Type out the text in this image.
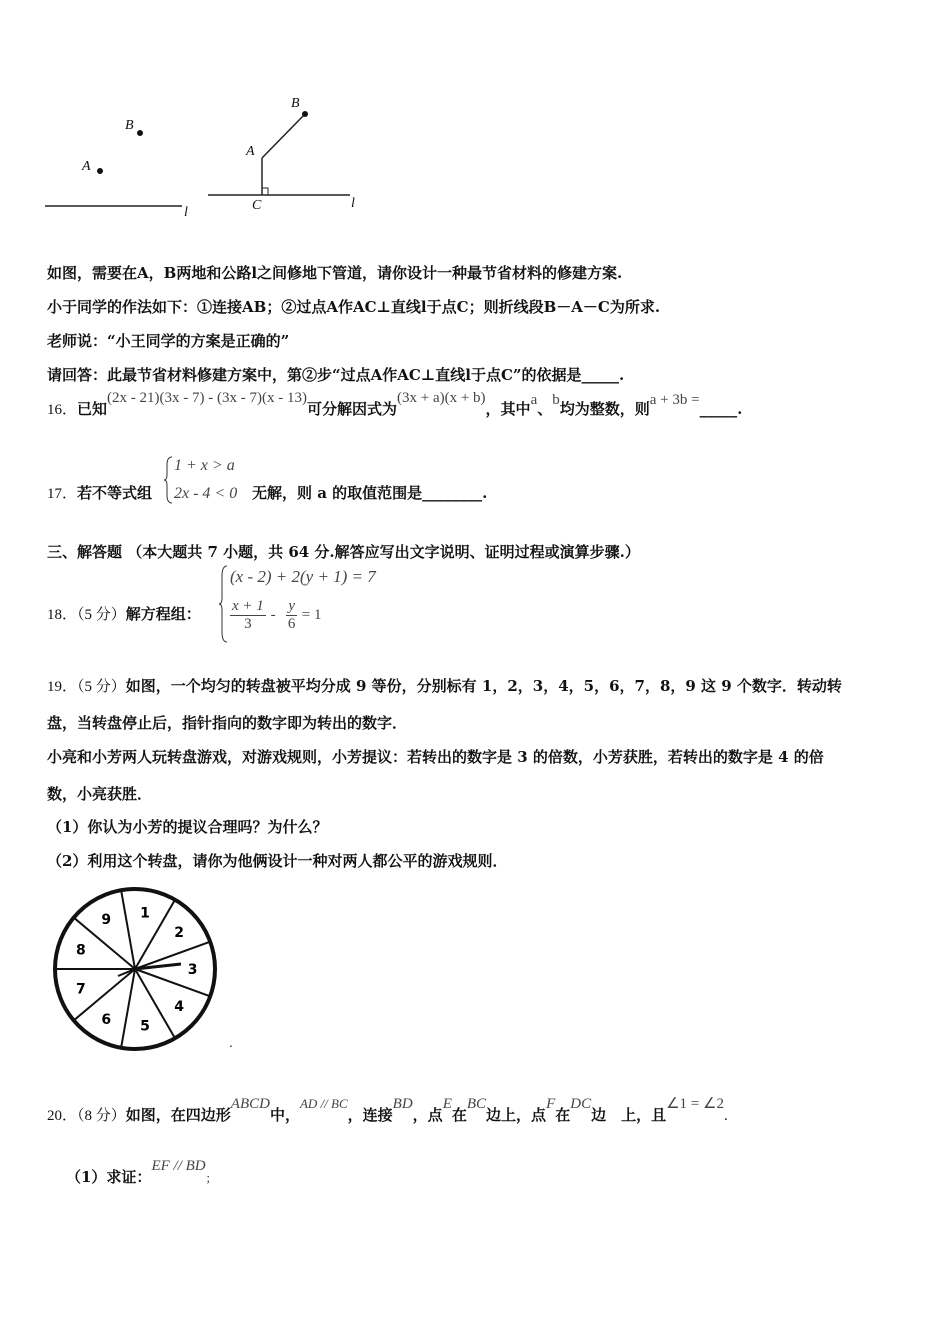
A
B
l
A
B
C	l
如图，需要在A，B两地和公路l之间修地下管道，请你设计一种最节省材料的修建方案.
小于同学的作法如下：①连接AB；②过点A作AC⊥直线l于点C；则折线段B－A－C为所求.
老师说：“小王同学的方案是正确的”
请回答：此最节省材料修建方案中，第②步“过点A作AC⊥直线l于点C”的依据是_____.
16．已知(2x - 21)(3x - 7) - (3x - 7)(x - 13)可分解因式为(3x + a)(x + b)，其中a、b均为整数，则a + 3b =_____.
17．若不等式组
1 + x > a
2x - 4 < 0 无解，则 a 的取值范围是________.
三、解答题 （本大题共 7 小题，共 64 分.解答应写出文字说明、证明过程或演算步骤.）
18．（5 分）解方程组：
(x - 2) + 2(y + 1) = 7
$\frac{x + 1}{3} - \frac{y}{6} = 1$
19．（5 分）如图，一个均匀的转盘被平均分成 9 等份，分别标有 1，2，3，4，5，6，7，8，9 这 9 个数字．转动转
盘，当转盘停止后，指针指向的数字即为转出的数字．
小亮和小芳两人玩转盘游戏，对游戏规则，小芳提议：若转出的数字是 3 的倍数，小芳获胜，若转出的数字是 4 的倍
数，小亮获胜．
（1）你认为小芳的提议合理吗？为什么？
（2）利用这个转盘，请你为他俩设计一种对两人都公平的游戏规则．
1
2
3
4
5
6
7
8
9
.
20．（8 分）如图，在四边形ABCD中，AD // BC，连接BD，点E在BC边上，点F在DC边　上，且∠1 = ∠2.
（1）求证：EF // BD；
